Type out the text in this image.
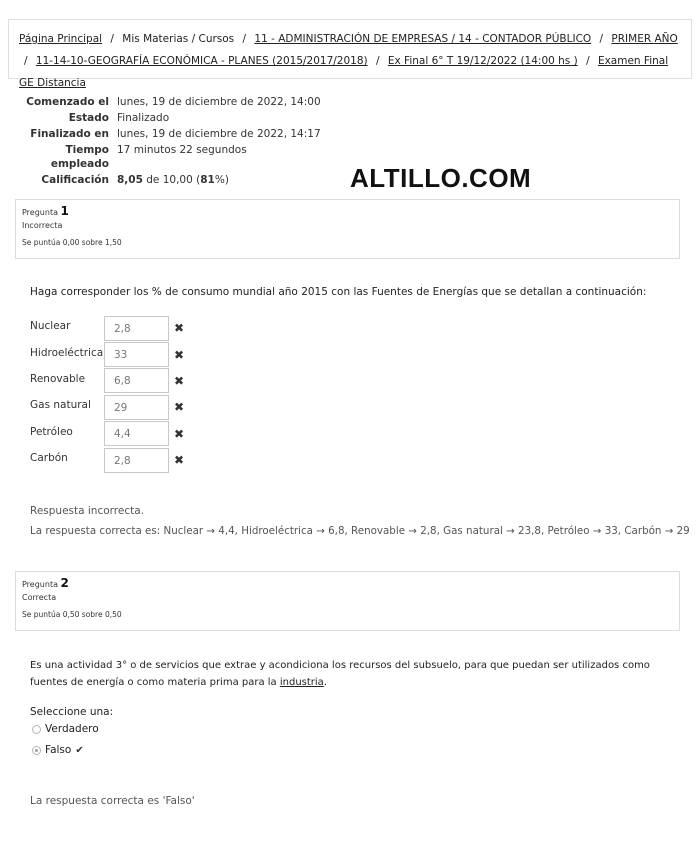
Página Principal / Mis Materias / Cursos / 11 - ADMINISTRACIÓN DE EMPRESAS / 14 - CONTADOR PÚBLICO / PRIMER AÑO
/ 11-14-10-GEOGRAFÍA ECONÓMICA - PLANES (2015/2017/2018) / Ex Final 6° T 19/12/2022 (14:00 hs ) / Examen Final GE Distancia
Comenzado el	lunes, 19 de diciembre de 2022, 14:00
Estado	Finalizado
Finalizado en	lunes, 19 de diciembre de 2022, 14:17
Tiempo empleado	17 minutos 22 segundos
Calificación	8,05 de 10,00 (81%)	ALTILLO.COM
Pregunta 1
Incorrecta
Se puntúa 0,00 sobre 1,50
Haga corresponder los % de consumo mundial año 2015 con las Fuentes de Energías que se detallan a continuación:
Nuclear	2,8	✖
Hidroeléctrica	33	✖
Renovable	6,8	✖
Gas natural	29	✖
Petróleo	4,4	✖
Carbón	2,8	✖
Respuesta incorrecta.
La respuesta correcta es: Nuclear → 4,4, Hidroeléctrica → 6,8, Renovable → 2,8, Gas natural → 23,8, Petróleo → 33, Carbón → 29
Pregunta 2
Correcta
Se puntúa 0,50 sobre 0,50
Es una actividad 3° o de servicios que extrae y acondiciona los recursos del subsuelo, para que puedan ser utilizados como fuentes de energía o como materia prima para la industria.
Seleccione una:
Verdadero
Falso ✔
La respuesta correcta es 'Falso'
